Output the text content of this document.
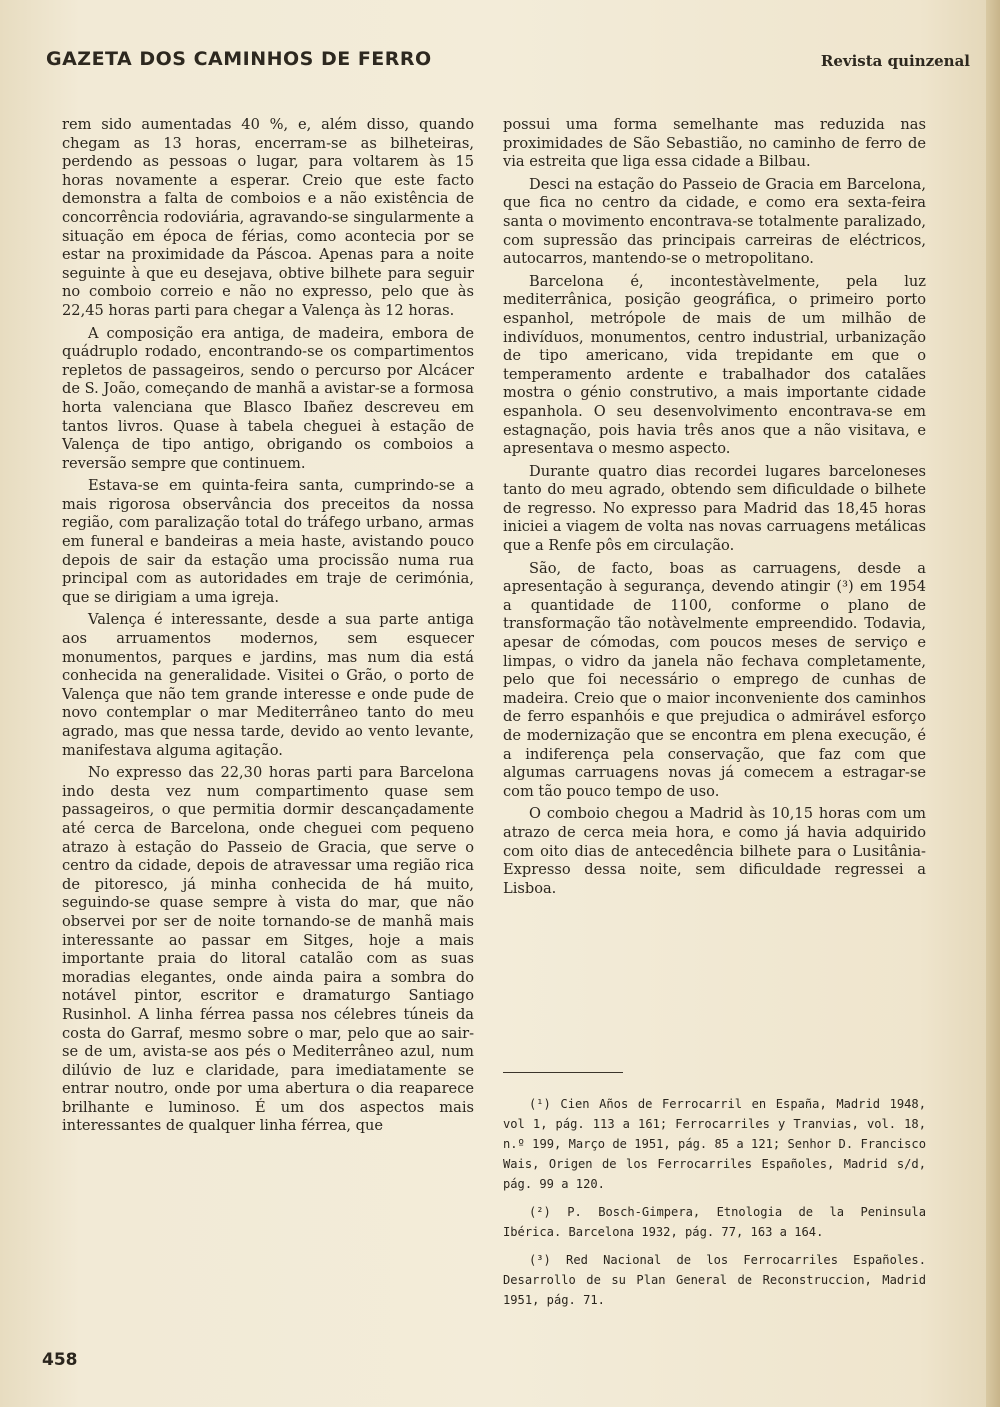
GAZETA DOS CAMINHOS DE FERRO	Revista quinzenal

rem sido aumentadas 40 %, e, além disso, quando chegam as 13 horas, encerram-se as bilheteiras, perdendo as pessoas o lugar, para voltarem às 15 horas novamente a esperar. Creio que este facto demonstra a falta de comboios e a não existência de concorrência rodoviária, agravando-se singularmente a situação em época de férias, como acontecia por se estar na proximidade da Páscoa. Apenas para a noite seguinte à que eu desejava, obtive bilhete para seguir no comboio correio e não no expresso, pelo que às 22,45 horas parti para chegar a Valença às 12 horas.

A composição era antiga, de madeira, embora de quádruplo rodado, encontrando-se os compartimentos repletos de passageiros, sendo o percurso por Alcácer de S. João, começando de manhã a avistar-se a formosa horta valenciana que Blasco Ibañez descreveu em tantos livros. Quase à tabela cheguei à estação de Valença de tipo antigo, obrigando os comboios a reversão sempre que continuem.

Estava-se em quinta-feira santa, cumprindo-se a mais rigorosa observância dos preceitos da nossa região, com paralização total do tráfego urbano, armas em funeral e bandeiras a meia haste, avistando pouco depois de sair da estação uma procissão numa rua principal com as autoridades em traje de cerimónia, que se dirigiam a uma igreja.

Valença é interessante, desde a sua parte antiga aos arruamentos modernos, sem esquecer monumentos, parques e jardins, mas num dia está conhecida na generalidade. Visitei o Grão, o porto de Valença que não tem grande interesse e onde pude de novo contemplar o mar Mediterrâneo tanto do meu agrado, mas que nessa tarde, devido ao vento levante, manifestava alguma agitação.

No expresso das 22,30 horas parti para Barcelona indo desta vez num compartimento quase sem passageiros, o que permitia dormir descançadamente até cerca de Barcelona, onde cheguei com pequeno atrazo à estação do Passeio de Gracia, que serve o centro da cidade, depois de atravessar uma região rica de pitoresco, já minha conhecida de há muito, seguindo-se quase sempre à vista do mar, que não observei por ser de noite tornando-se de manhã mais interessante ao passar em Sitges, hoje a mais importante praia do litoral catalão com as suas moradias elegantes, onde ainda paira a sombra do notável pintor, escritor e dramaturgo Santiago Rusinhol. A linha férrea passa nos célebres túneis da costa do Garraf, mesmo sobre o mar, pelo que ao sair-se de um, avista-se aos pés o Mediterrâneo azul, num dilúvio de luz e claridade, para imediatamente se entrar noutro, onde por uma abertura o dia reaparece brilhante e luminoso. É um dos aspectos mais interessantes de qualquer linha férrea, que

possui uma forma semelhante mas reduzida nas proximidades de São Sebastião, no caminho de ferro de via estreita que liga essa cidade a Bilbau.

Desci na estação do Passeio de Gracia em Barcelona, que fica no centro da cidade, e como era sexta-feira santa o movimento encontrava-se totalmente paralizado, com supressão das principais carreiras de eléctricos, autocarros, mantendo-se o metropolitano.

Barcelona é, incontestàvelmente, pela luz mediterrânica, posição geográfica, o primeiro porto espanhol, metrópole de mais de um milhão de indivíduos, monumentos, centro industrial, urbanização de tipo americano, vida trepidante em que o temperamento ardente e trabalhador dos catalães mostra o génio construtivo, a mais importante cidade espanhola. O seu desenvolvimento encontrava-se em estagnação, pois havia três anos que a não visitava, e apresentava o mesmo aspecto.

Durante quatro dias recordei lugares barceloneses tanto do meu agrado, obtendo sem dificuldade o bilhete de regresso. No expresso para Madrid das 18,45 horas iniciei a viagem de volta nas novas carruagens metálicas que a Renfe pôs em circulação.

São, de facto, boas as carruagens, desde a apresentação à segurança, devendo atingir (³) em 1954 a quantidade de 1100, conforme o plano de transformação tão notàvelmente empreendido. Todavia, apesar de cómodas, com poucos meses de serviço e limpas, o vidro da janela não fechava completamente, pelo que foi necessário o emprego de cunhas de madeira. Creio que o maior inconveniente dos caminhos de ferro espanhóis e que prejudica o admirável esforço de modernização que se encontra em plena execução, é a indiferença pela conservação, que faz com que algumas carruagens novas já comecem a estragar-se com tão pouco tempo de uso.

O comboio chegou a Madrid às 10,15 horas com um atrazo de cerca meia hora, e como já havia adquirido com oito dias de antecedência bilhete para o Lusitânia-Expresso dessa noite, sem dificuldade regressei a Lisboa.

(¹) Cien Años de Ferrocarril en España, Madrid 1948, vol 1, pág. 113 a 161; Ferrocarriles y Tranvias, vol. 18, n.º 199, Março de 1951, pág. 85 a 121; Senhor D. Francisco Wais, Origen de los Ferrocarriles Españoles, Madrid s/d, pág. 99 a 120.

(²) P. Bosch-Gimpera, Etnologia de la Peninsula Ibérica. Barcelona 1932, pág. 77, 163 a 164.

(³) Red Nacional de los Ferrocarriles Españoles. Desarrollo de su Plan General de Reconstruccion, Madrid 1951, pág. 71.

458
